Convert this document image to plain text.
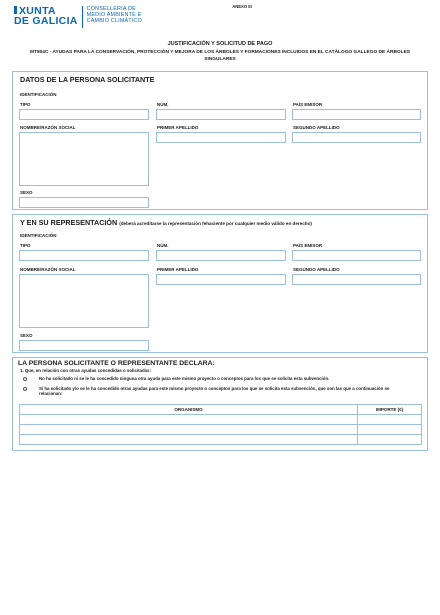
XUNTA
DE GALICIA
CONSELLERÍA DE
MEDIO AMBIENTE E
CAMBIO CLIMÁTICO
ANEXO III
JUSTIFICACIÓN Y SOLICITUD DE PAGO
MT804C - AYUDAS PARA LA CONSERVACIÓN, PROTECCIÓN Y MEJORA DE LOS ÁRBOLES Y FORMACIONES INCLUIDOS EN EL CATÁLOGO GALLEGO DE ÁRBOLES SINGULARES
DATOS DE LA PERSONA SOLICITANTE
IDENTIFICACIÓN
TIPO	NÚM.	PAÍS EMISOR
NOMBRE/RAZÓN SOCIAL	PRIMER APELLIDO	SEGUNDO APELLIDO
SEXO
Y EN SU REPRESENTACIÓN (deberá acreditarse la representación fehaciente por cualquier medio válido en derecho)
IDENTIFICACIÓN
TIPO	NÚM.	PAÍS EMISOR
NOMBRE/RAZÓN SOCIAL	PRIMER APELLIDO	SEGUNDO APELLIDO
SEXO
LA PERSONA SOLICITANTE O REPRESENTANTE DECLARA:
1. Que, en relación con otras ayudas concedidas o solicitadas:
No ha solicitado ni se le ha concedido ninguna otra ayuda para este mismo proyecto o conceptos para los que se solicita esta subvención.
Sí ha solicitado y/o se le ha concedido otras ayudas para este mismo proyecto o conceptos para los que se solicita esta subvención, que son las que a continuación se relacionan:
ORGANISMO	IMPORTE (€)
